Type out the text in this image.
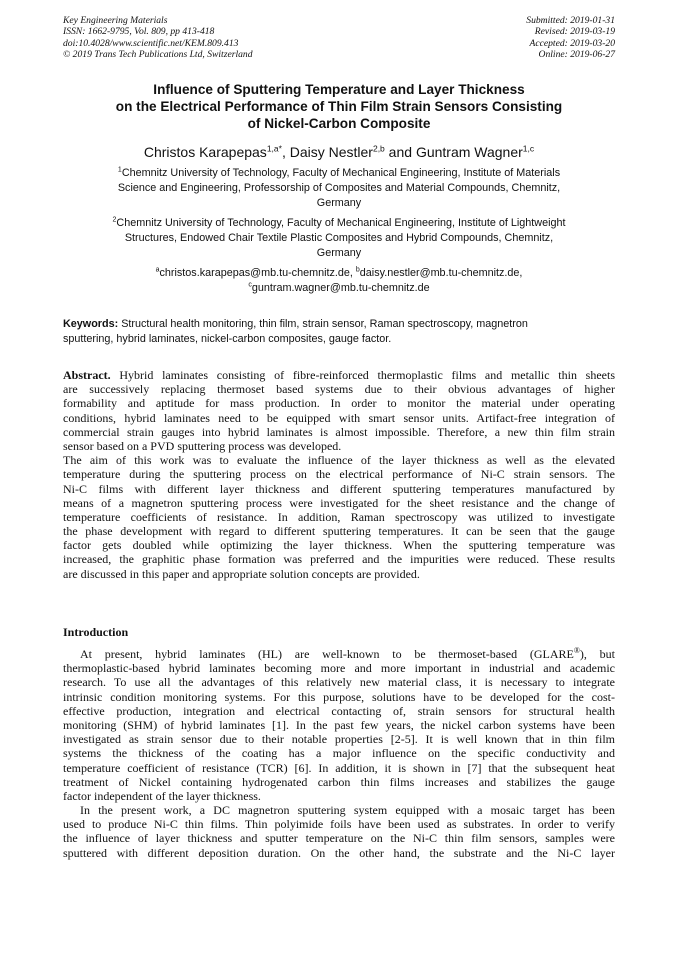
Key Engineering Materials
ISSN: 1662-9795, Vol. 809, pp 413-418
doi:10.4028/www.scientific.net/KEM.809.413
© 2019 Trans Tech Publications Ltd, Switzerland
Submitted: 2019-01-31
Revised: 2019-03-19
Accepted: 2019-03-20
Online: 2019-06-27
Influence of Sputtering Temperature and Layer Thickness
on the Electrical Performance of Thin Film Strain Sensors Consisting
of Nickel-Carbon Composite
Christos Karapepas$^{1,a*}$, Daisy Nestler$^{2,b}$ and Guntram Wagner$^{1,c}$
$^1$Chemnitz University of Technology, Faculty of Mechanical Engineering, Institute of Materials
Science and Engineering, Professorship of Composites and Material Compounds, Chemnitz,
Germany
$^2$Chemnitz University of Technology, Faculty of Mechanical Engineering, Institute of Lightweight
Structures, Endowed Chair Textile Plastic Composites and Hybrid Compounds, Chemnitz,
Germany
$^a$christos.karapepas@mb.tu-chemnitz.de, $^b$daisy.nestler@mb.tu-chemnitz.de,
$^c$guntram.wagner@mb.tu-chemnitz.de
Keywords: Structural health monitoring, thin film, strain sensor, Raman spectroscopy, magnetron
sputtering, hybrid laminates, nickel-carbon composites, gauge factor.
Abstract. Hybrid laminates consisting of fibre-reinforced thermoplastic films and metallic thin sheets
are successively replacing thermoset based systems due to their obvious advantages of higher
formability and aptitude for mass production. In order to monitor the material under operating
conditions, hybrid laminates need to be equipped with smart sensor units. Artifact-free integration of
commercial strain gauges into hybrid laminates is almost impossible. Therefore, a new thin film strain
sensor based on a PVD sputtering process was developed.
The aim of this work was to evaluate the influence of the layer thickness as well as the elevated
temperature during the sputtering process on the electrical performance of Ni-C strain sensors. The
Ni-C films with different layer thickness and different sputtering temperatures manufactured by
means of a magnetron sputtering process were investigated for the sheet resistance and the change of
temperature coefficients of resistance. In addition, Raman spectroscopy was utilized to investigate
the phase development with regard to different sputtering temperatures. It can be seen that the gauge
factor gets doubled while optimizing the layer thickness. When the sputtering temperature was
increased, the graphitic phase formation was preferred and the impurities were reduced. These results
are discussed in this paper and appropriate solution concepts are provided.
Introduction
At present, hybrid laminates (HL) are well-known to be thermoset-based (GLARE®), but
thermoplastic-based hybrid laminates becoming more and more important in industrial and academic
research. To use all the advantages of this relatively new material class, it is necessary to integrate
intrinsic condition monitoring systems. For this purpose, solutions have to be developed for the cost-
effective production, integration and electrical contacting of, strain sensors for structural health
monitoring (SHM) of hybrid laminates [1]. In the past few years, the nickel carbon systems have been
investigated as strain sensor due to their notable properties [2-5]. It is well known that in thin film
systems the thickness of the coating has a major influence on the specific conductivity and
temperature coefficient of resistance (TCR) [6]. In addition, it is shown in [7] that the subsequent heat
treatment of Nickel containing hydrogenated carbon thin films increases and stabilizes the gauge
factor independent of the layer thickness.
In the present work, a DC magnetron sputtering system equipped with a mosaic target has been
used to produce Ni-C thin films. Thin polyimide foils have been used as substrates. In order to verify
the influence of layer thickness and sputter temperature on the Ni-C thin film sensors, samples were
sputtered with different deposition duration. On the other hand, the substrate and the Ni-C layer
